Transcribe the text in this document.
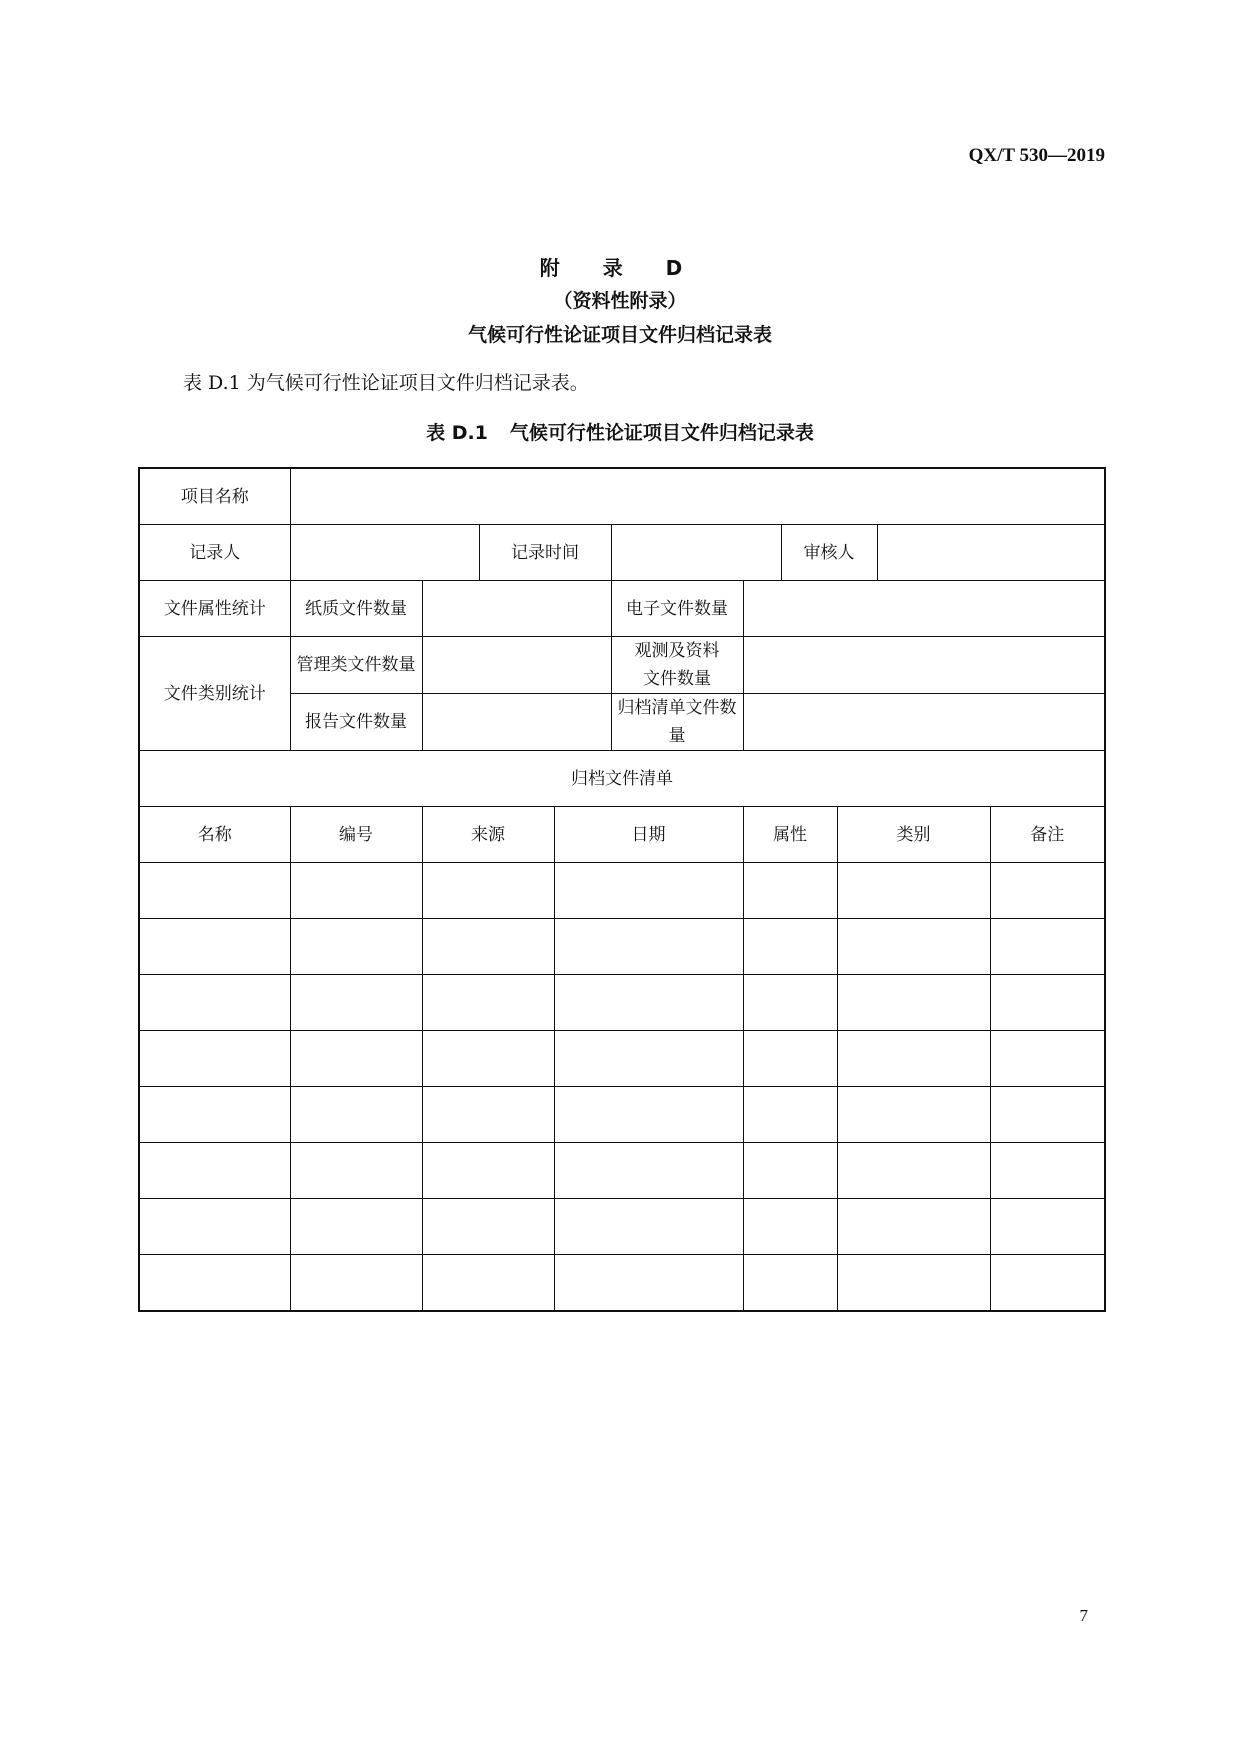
QX/T 530—2019
附 录 D
（资料性附录）
气候可行性论证项目文件归档记录表
表 D.1 为气候可行性论证项目文件归档记录表。
表 D.1 气候可行性论证项目文件归档记录表
项目名称										
记录人			记录时间				审核人			
文件属性统计	纸质文件数量				电子文件数量					
文件类别统计	管理类文件数量				观测及资料
文件数量					

	报告文件数量				归档清单文件数量					
归档文件清单										
名称	编号	来源		日期		属性		类别		备注

7
